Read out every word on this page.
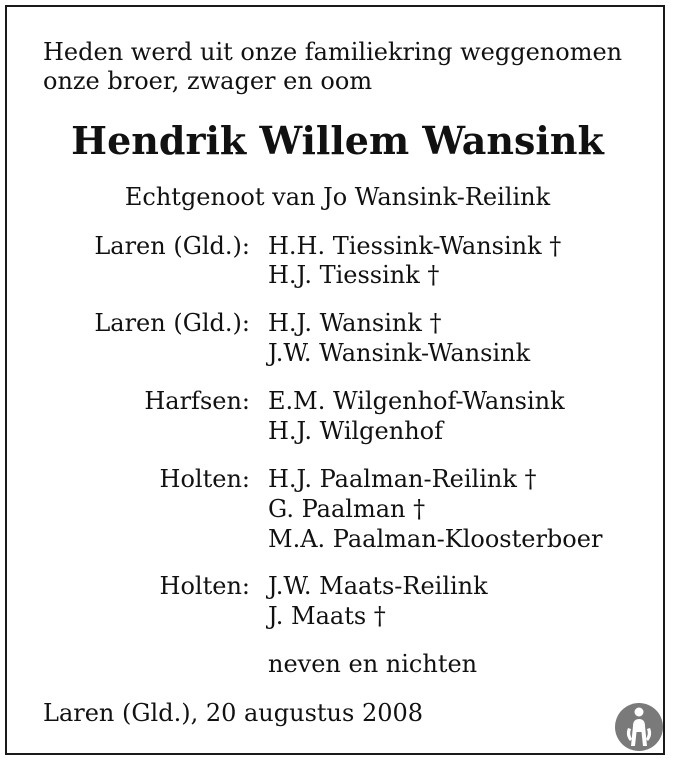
Heden werd uit onze familiekring weggenomen
onze broer, zwager en oom
Hendrik Willem Wansink
Echtgenoot van Jo Wansink-Reilink
Laren (Gld.): H.H. Tiessink-Wansink †
H.J. Tiessink †
Laren (Gld.): H.J. Wansink †
J.W. Wansink-Wansink
Harfsen: E.M. Wilgenhof-Wansink
H.J. Wilgenhof
Holten: H.J. Paalman-Reilink †
G. Paalman †
M.A. Paalman-Kloosterboer
Holten: J.W. Maats-Reilink
J. Maats †
neven en nichten
Laren (Gld.), 20 augustus 2008
